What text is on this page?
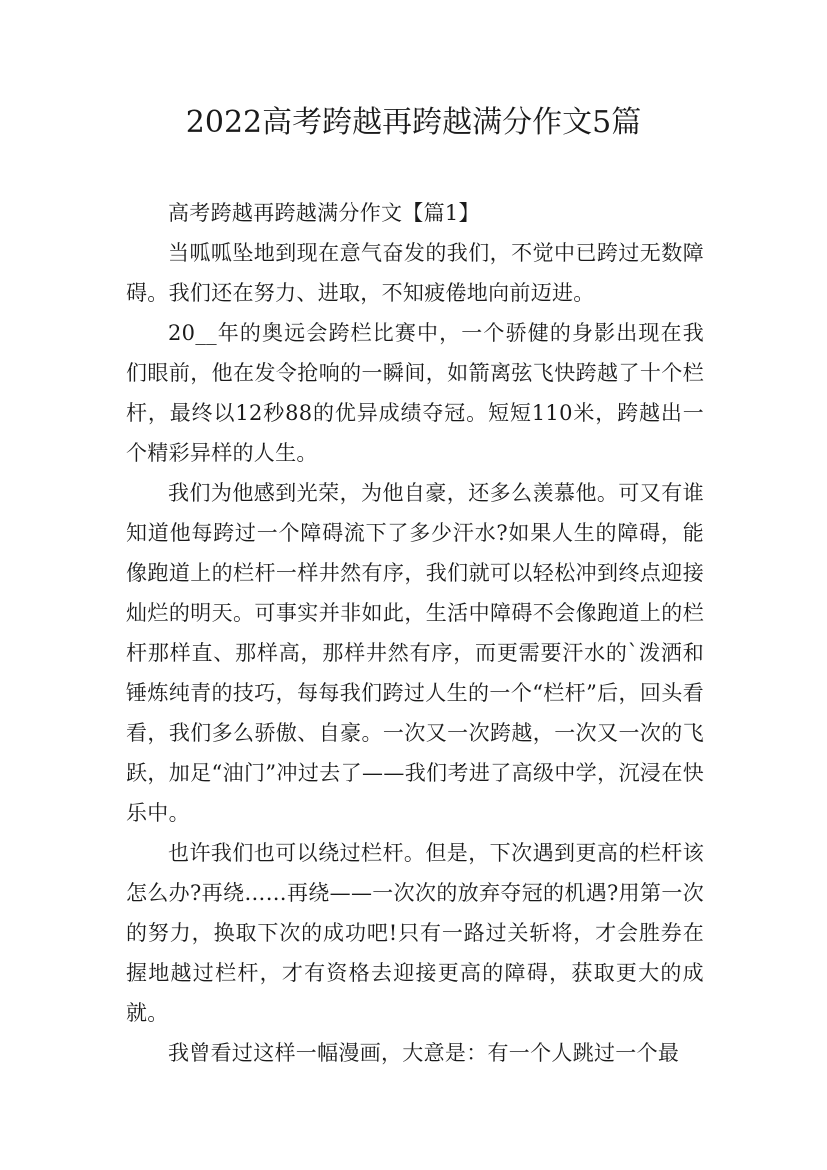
2022高考跨越再跨越满分作文5篇

高考跨越再跨越满分作文【篇1】

当呱呱坠地到现在意气奋发的我们，不觉中已跨过无数障碍。我们还在努力、进取，不知疲倦地向前迈进。

20__年的奥远会跨栏比赛中，一个骄健的身影出现在我们眼前，他在发令抢响的一瞬间，如箭离弦飞快跨越了十个栏杆，最终以12秒88的优异成绩夺冠。短短110米，跨越出一个精彩异样的人生。

我们为他感到光荣，为他自豪，还多么羡慕他。可又有谁知道他每跨过一个障碍流下了多少汗水?如果人生的障碍，能像跑道上的栏杆一样井然有序，我们就可以轻松冲到终点迎接灿烂的明天。可事实并非如此，生活中障碍不会像跑道上的栏杆那样直、那样高，那样井然有序，而更需要汗水的`泼洒和锤炼纯青的技巧，每每我们跨过人生的一个“栏杆”后，回头看看，我们多么骄傲、自豪。一次又一次跨越，一次又一次的飞跃，加足“油门”冲过去了——我们考进了高级中学，沉浸在快乐中。

也许我们也可以绕过栏杆。但是，下次遇到更高的栏杆该怎么办?再绕……再绕——一次次的放弃夺冠的机遇?用第一次的努力，换取下次的成功吧!只有一路过关斩将，才会胜券在握地越过栏杆，才有资格去迎接更高的障碍，获取更大的成就。

我曾看过这样一幅漫画，大意是：有一个人跳过一个最
